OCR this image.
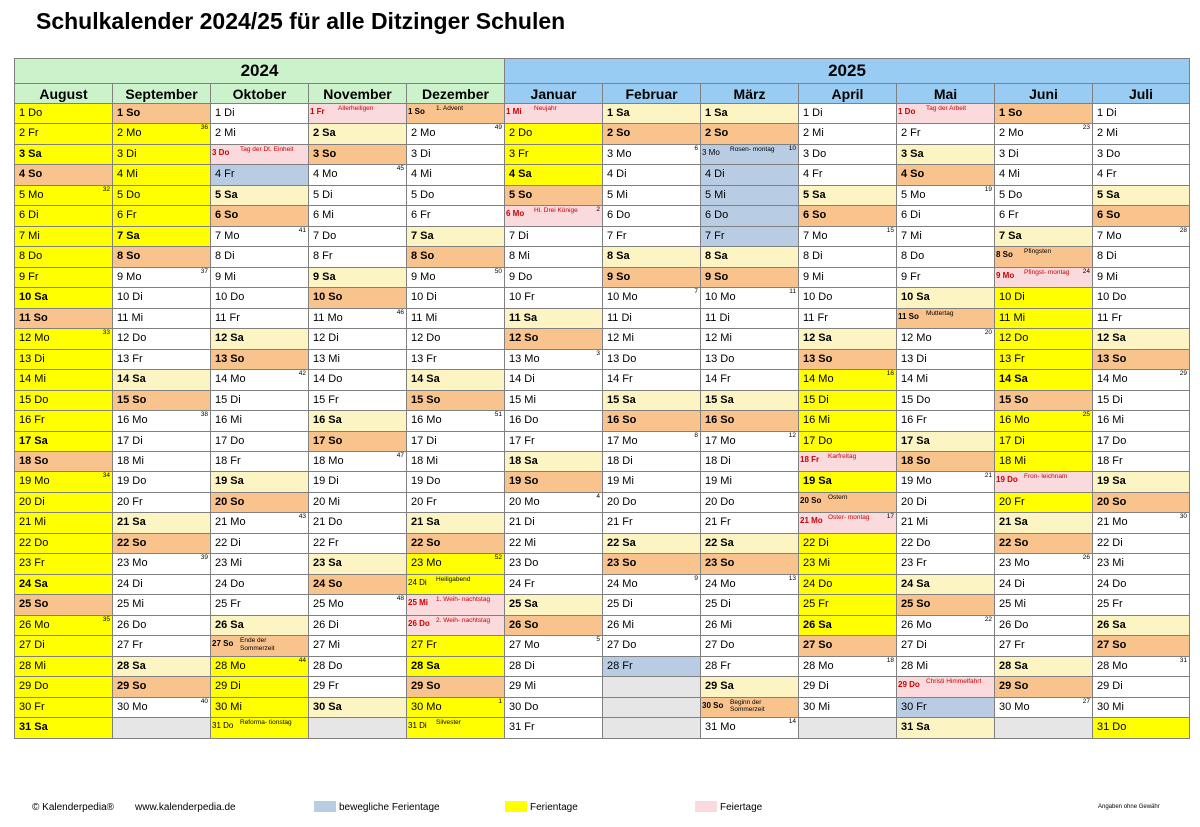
Schulkalender 2024/25 für alle Ditzinger Schulen
2024					2025						
August	September	Oktober	November	Dezember	Januar	Februar	März	April	Mai	Juni	Juli

1 Do	1 So	1 Di	1 Fr Allerheiligen	1 So 1. Advent	1 Mi Neujahr	1 Sa	1 Sa	1 Di	1 Do Tag der Arbeit	1 So	1 Di

2 Fr	2 Mo 36	2 Mi	2 Sa	2 Mo 49	2 Do	2 So	2 So	2 Mi	2 Fr	2 Mo 23	2 Mi

3 Sa	3 Di	3 Do Tag der Dt. Einheit	3 So	3 Di	3 Fr	3 Mo 6	3 Mo Rosen- montag 10	3 Do	3 Sa	3 Di	3 Do

4 So	4 Mi	4 Fr	4 Mo 45	4 Mi	4 Sa	4 Di	4 Di	4 Fr	4 So	4 Mi	4 Fr

5 Mo 32	5 Do	5 Sa	5 Di	5 Do	5 So	5 Mi	5 Mi	5 Sa	5 Mo 19	5 Do	5 Sa

6 Di	6 Fr	6 So	6 Mi	6 Fr	6 Mo Hl. Drei Könige 2	6 Do	6 Do	6 So	6 Di	6 Fr	6 So

7 Mi	7 Sa	7 Mo 41	7 Do	7 Sa	7 Di	7 Fr	7 Fr	7 Mo 15	7 Mi	7 Sa	7 Mo 28

8 Do	8 So	8 Di	8 Fr	8 So	8 Mi	8 Sa	8 Sa	8 Di	8 Do	8 So Pfingsten	8 Di

9 Fr	9 Mo 37	9 Mi	9 Sa	9 Mo 50	9 Do	9 So	9 So	9 Mi	9 Fr	9 Mo Pfingst- montag 24	9 Mi

10 Sa	10 Di	10 Do	10 So	10 Di	10 Fr	10 Mo 7	10 Mo 11	10 Do	10 Sa	10 Di	10 Do

11 So	11 Mi	11 Fr	11 Mo 46	11 Mi	11 Sa	11 Di	11 Di	11 Fr	11 So Muttertag	11 Mi	11 Fr

12 Mo 33	12 Do	12 Sa	12 Di	12 Do	12 So	12 Mi	12 Mi	12 Sa	12 Mo 20	12 Do	12 Sa

13 Di	13 Fr	13 So	13 Mi	13 Fr	13 Mo 3	13 Do	13 Do	13 So	13 Di	13 Fr	13 So

14 Mi	14 Sa	14 Mo 42	14 Do	14 Sa	14 Di	14 Fr	14 Fr	14 Mo 16	14 Mi	14 Sa	14 Mo 29

15 Do	15 So	15 Di	15 Fr	15 So	15 Mi	15 Sa	15 Sa	15 Di	15 Do	15 So	15 Di

16 Fr	16 Mo 38	16 Mi	16 Sa	16 Mo 51	16 Do	16 So	16 So	16 Mi	16 Fr	16 Mo 25	16 Mi

17 Sa	17 Di	17 Do	17 So	17 Di	17 Fr	17 Mo 8	17 Mo 12	17 Do	17 Sa	17 Di	17 Do

18 So	18 Mi	18 Fr	18 Mo 47	18 Mi	18 Sa	18 Di	18 Di	18 Fr Karfreitag	18 So	18 Mi	18 Fr

19 Mo 34	19 Do	19 Sa	19 Di	19 Do	19 So	19 Mi	19 Mi	19 Sa	19 Mo 21	19 Do Fron- leichnam	19 Sa

20 Di	20 Fr	20 So	20 Mi	20 Fr	20 Mo 4	20 Do	20 Do	20 So Ostern	20 Di	20 Fr	20 So

21 Mi	21 Sa	21 Mo 43	21 Do	21 Sa	21 Di	21 Fr	21 Fr	21 Mo Oster- montag 17	21 Mi	21 Sa	21 Mo 30

22 Do	22 So	22 Di	22 Fr	22 So	22 Mi	22 Sa	22 Sa	22 Di	22 Do	22 So	22 Di

23 Fr	23 Mo 39	23 Mi	23 Sa	23 Mo 52	23 Do	23 So	23 So	23 Mi	23 Fr	23 Mo 26	23 Mi

24 Sa	24 Di	24 Do	24 So	24 Di Heiligabend	24 Fr	24 Mo 9	24 Mo 13	24 Do	24 Sa	24 Di	24 Do

25 So	25 Mi	25 Fr	25 Mo 48	25 Mi 1. Weih- nachtstag	25 Sa	25 Di	25 Di	25 Fr	25 So	25 Mi	25 Fr

26 Mo 35	26 Do	26 Sa	26 Di	26 Do 2. Weih- nachtstag	26 So	26 Mi	26 Mi	26 Sa	26 Mo 22	26 Do	26 Sa

27 Di	27 Fr	27 So Ende der Sommerzeit	27 Mi	27 Fr	27 Mo 5	27 Do	27 Do	27 So	27 Di	27 Fr	27 So

28 Mi	28 Sa	28 Mo 44	28 Do	28 Sa	28 Di	28 Fr	28 Fr	28 Mo 18	28 Mi	28 Sa	28 Mo 31

29 Do	29 So	29 Di	29 Fr	29 So	29 Mi		29 Sa	29 Di	29 Do Christi Himmelfahrt	29 So	29 Di

30 Fr	30 Mo 40	30 Mi	30 Sa	30 Mo 1	30 Do		30 So Beginn der Sommerzeit	30 Mi	30 Fr	30 Mo 27	30 Mi

31 Sa		31 Do Reforma- tionstag		31 Di Silvester	31 Fr		31 Mo 14		31 Sa		31 Do
© Kalenderpedia® www.kalenderpedia.de	bewegliche Ferientage	Ferientage	Feiertage	Angaben ohne Gewähr
